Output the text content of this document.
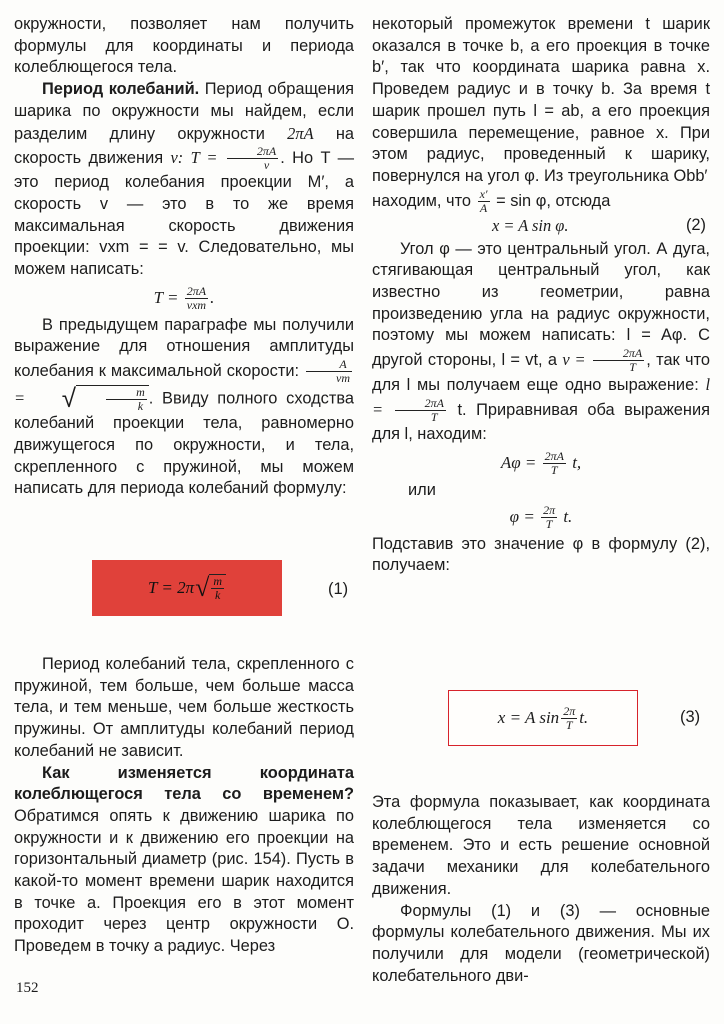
окружности, позволяет нам получить формулы для координаты и периода колеблющегося тела.

Период колебаний. Период обращения шарика по окружности мы найдем, если разделим длину окружности 2πA на скорость движения v: $T = \frac{2\pi A}{v}$ . Но T — это период колебания проекции M′, а скорость v — это в то же время максимальная скорость движения проекции: vxm = = v. Следовательно, мы можем написать:

$T = \frac{2\pi A}{\text{vxm}}$ .

В предыдущем параграфе мы получили выражение для отношения амплитуды колебания к максимальной скорости: $\frac{A}{vm}$
= √	$\frac{m}{k}$ . Ввиду полного сходства колебаний проекции тела, равномерно движущегося по окружности, и тела, скрепленного с пружиной, мы можем написать для периода колебаний формулу:

T = 2π √ $\frac{m}{k}$	(1)

Период колебаний тела, скрепленного с пружиной, тем больше, чем больше масса тела, и тем меньше, чем больше жесткость пружины. От амплитуды колебаний период колебаний не зависит.

Как изменяется координата колеблющегося тела со временем? Обратимся опять к движению шарика по окружности и к движению его проекции на горизонтальный диаметр (рис. 154). Пусть в какой-то момент времени шарик находится в точке a. Проекция его в этот момент проходит через центр окружности O. Проведем в точку a радиус. Через

некоторый промежуток времени t шарик оказался в точке b, а его проекция в точке b′, так что координата шарика равна x. Проведем радиус и в точку b. За время t шарик прошел путь l = ab, а его проекция совершила перемещение, равное x. При этом радиус, проведенный к шарику, повернулся на угол φ. Из треугольника Obb′

находим, что $\frac{x'}{A} = \sin \varphi$, отсюда

x = A sin φ.	(2)

Угол φ — это центральный угол. А дуга, стягивающая центральный угол, как известно из геометрии, равна произведению угла на радиус окружности, поэтому мы можем написать: l = Aφ. С другой стороны, l = vt, а $v = \frac{2\pi A}{T}$ , так что для l мы получаем еще одно выражение: $l = \frac{2\pi A}{T} t$. Приравнивая оба выражения для l, находим:

$A\varphi = \frac{2\pi A}{T} t$,
или
$\varphi = \frac{2\pi}{T} t$.

Подставив это значение φ в формулу (2), получаем:

x = A $\sin \frac{2\pi}{T} t$.	(3)

Эта формула показывает, как координата колеблющегося тела изменяется со временем. Это и есть решение основной задачи механики для колебательного движения.

Формулы (1) и (3) — основные формулы колебательного движения. Мы их получили для модели (геометрической) колебательного дви-

152
